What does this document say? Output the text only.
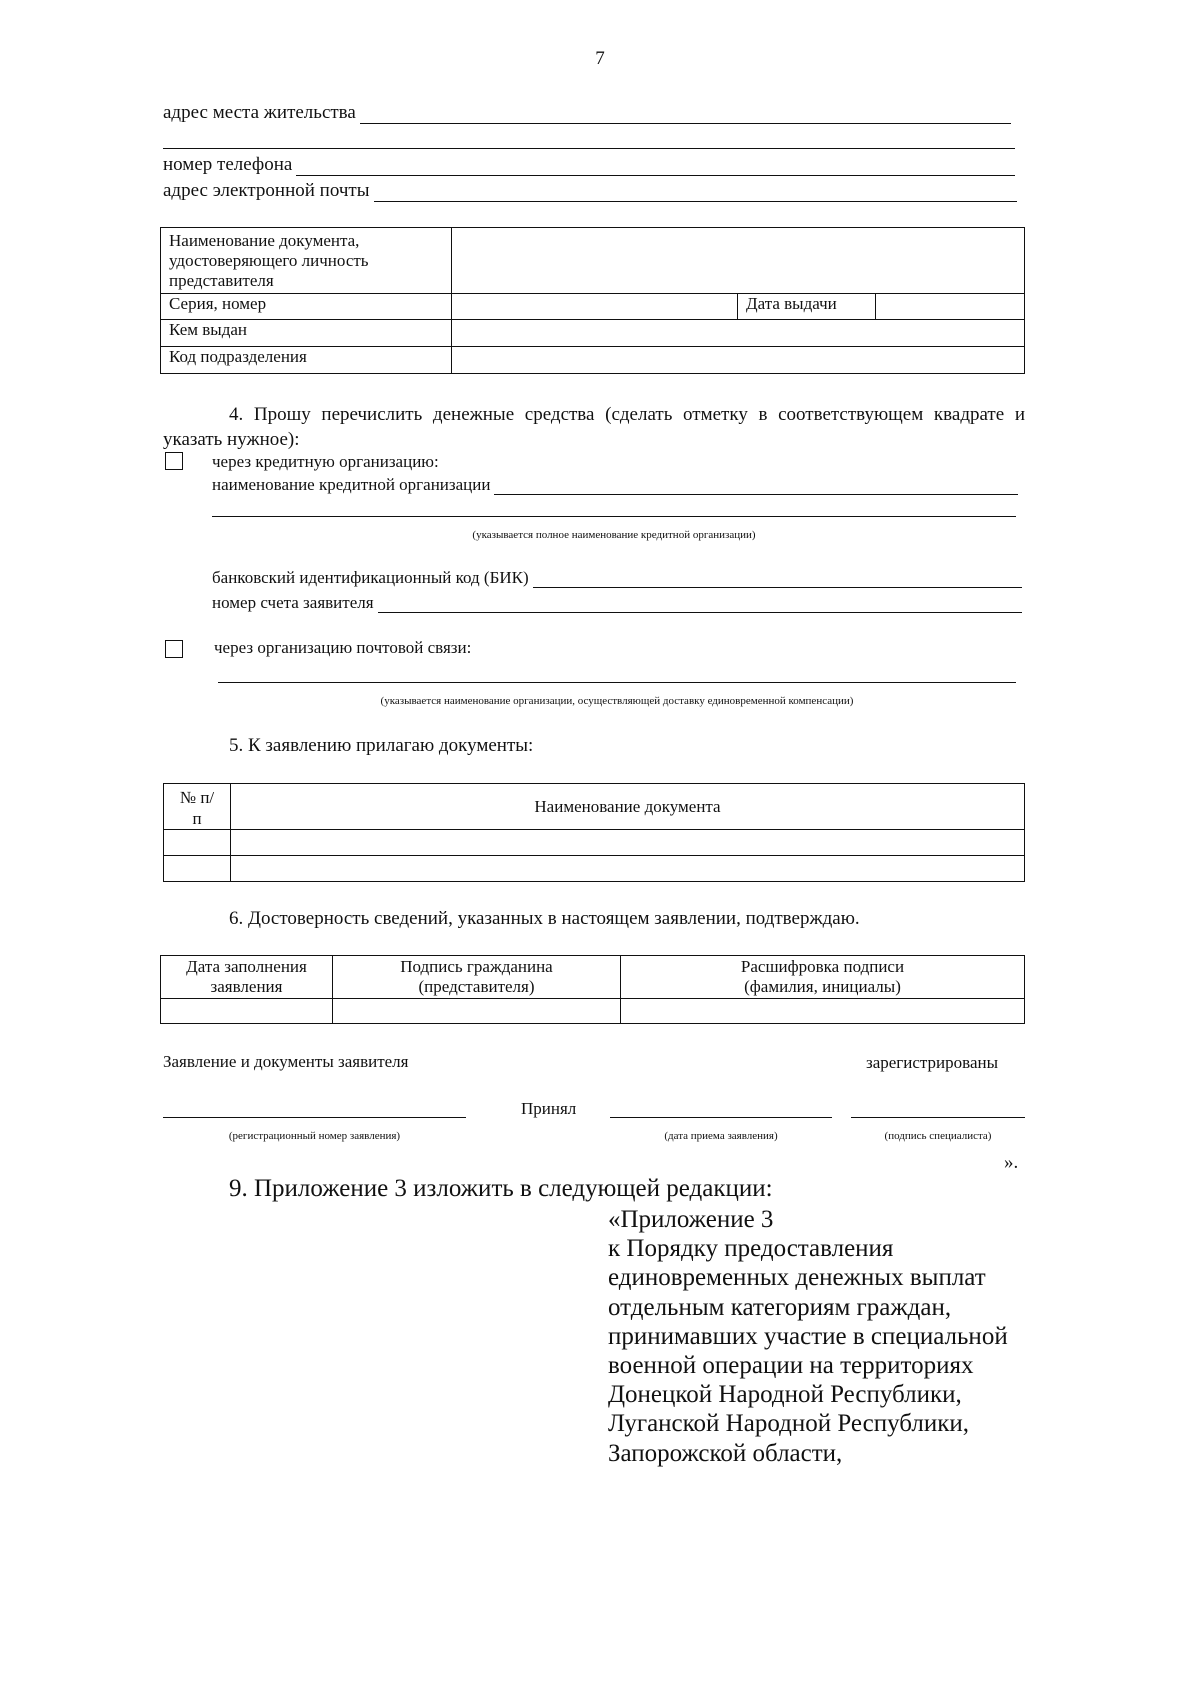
7
адрес места жительства
номер телефона
адрес электронной почты
Наименование документа, удостоверяющего личность представителя			
Серия, номер		Дата выдачи	
Кем выдан			
Код подразделения			
4. Прошу перечислить денежные средства (сделать отметку в соответствующем квадрате и указать нужное):
через кредитную организацию:
наименование кредитной организации
(указывается полное наименование кредитной организации)
банковский идентификационный код (БИК)
номер счета заявителя
через организацию почтовой связи:
(указывается наименование организации, осуществляющей доставку единовременной компенсации)
5. К заявлению прилагаю документы:
№ п/п	Наименование документа

6. Достоверность сведений, указанных в настоящем заявлении, подтверждаю.
Дата заполнения заявления	Подпись гражданина (представителя)	Расшифровка подписи (фамилия, инициалы)

Заявление и документы заявителя	зарегистрированы
Принял
(регистрационный номер заявления)	(дата приема заявления)	(подпись специалиста)
».
9. Приложение 3 изложить в следующей редакции:
«Приложение 3
к Порядку предоставления
единовременных денежных выплат
отдельным категориям граждан,
принимавших участие в специальной
военной операции на территориях
Донецкой Народной Республики,
Луганской Народной Республики,
Запорожской области,
